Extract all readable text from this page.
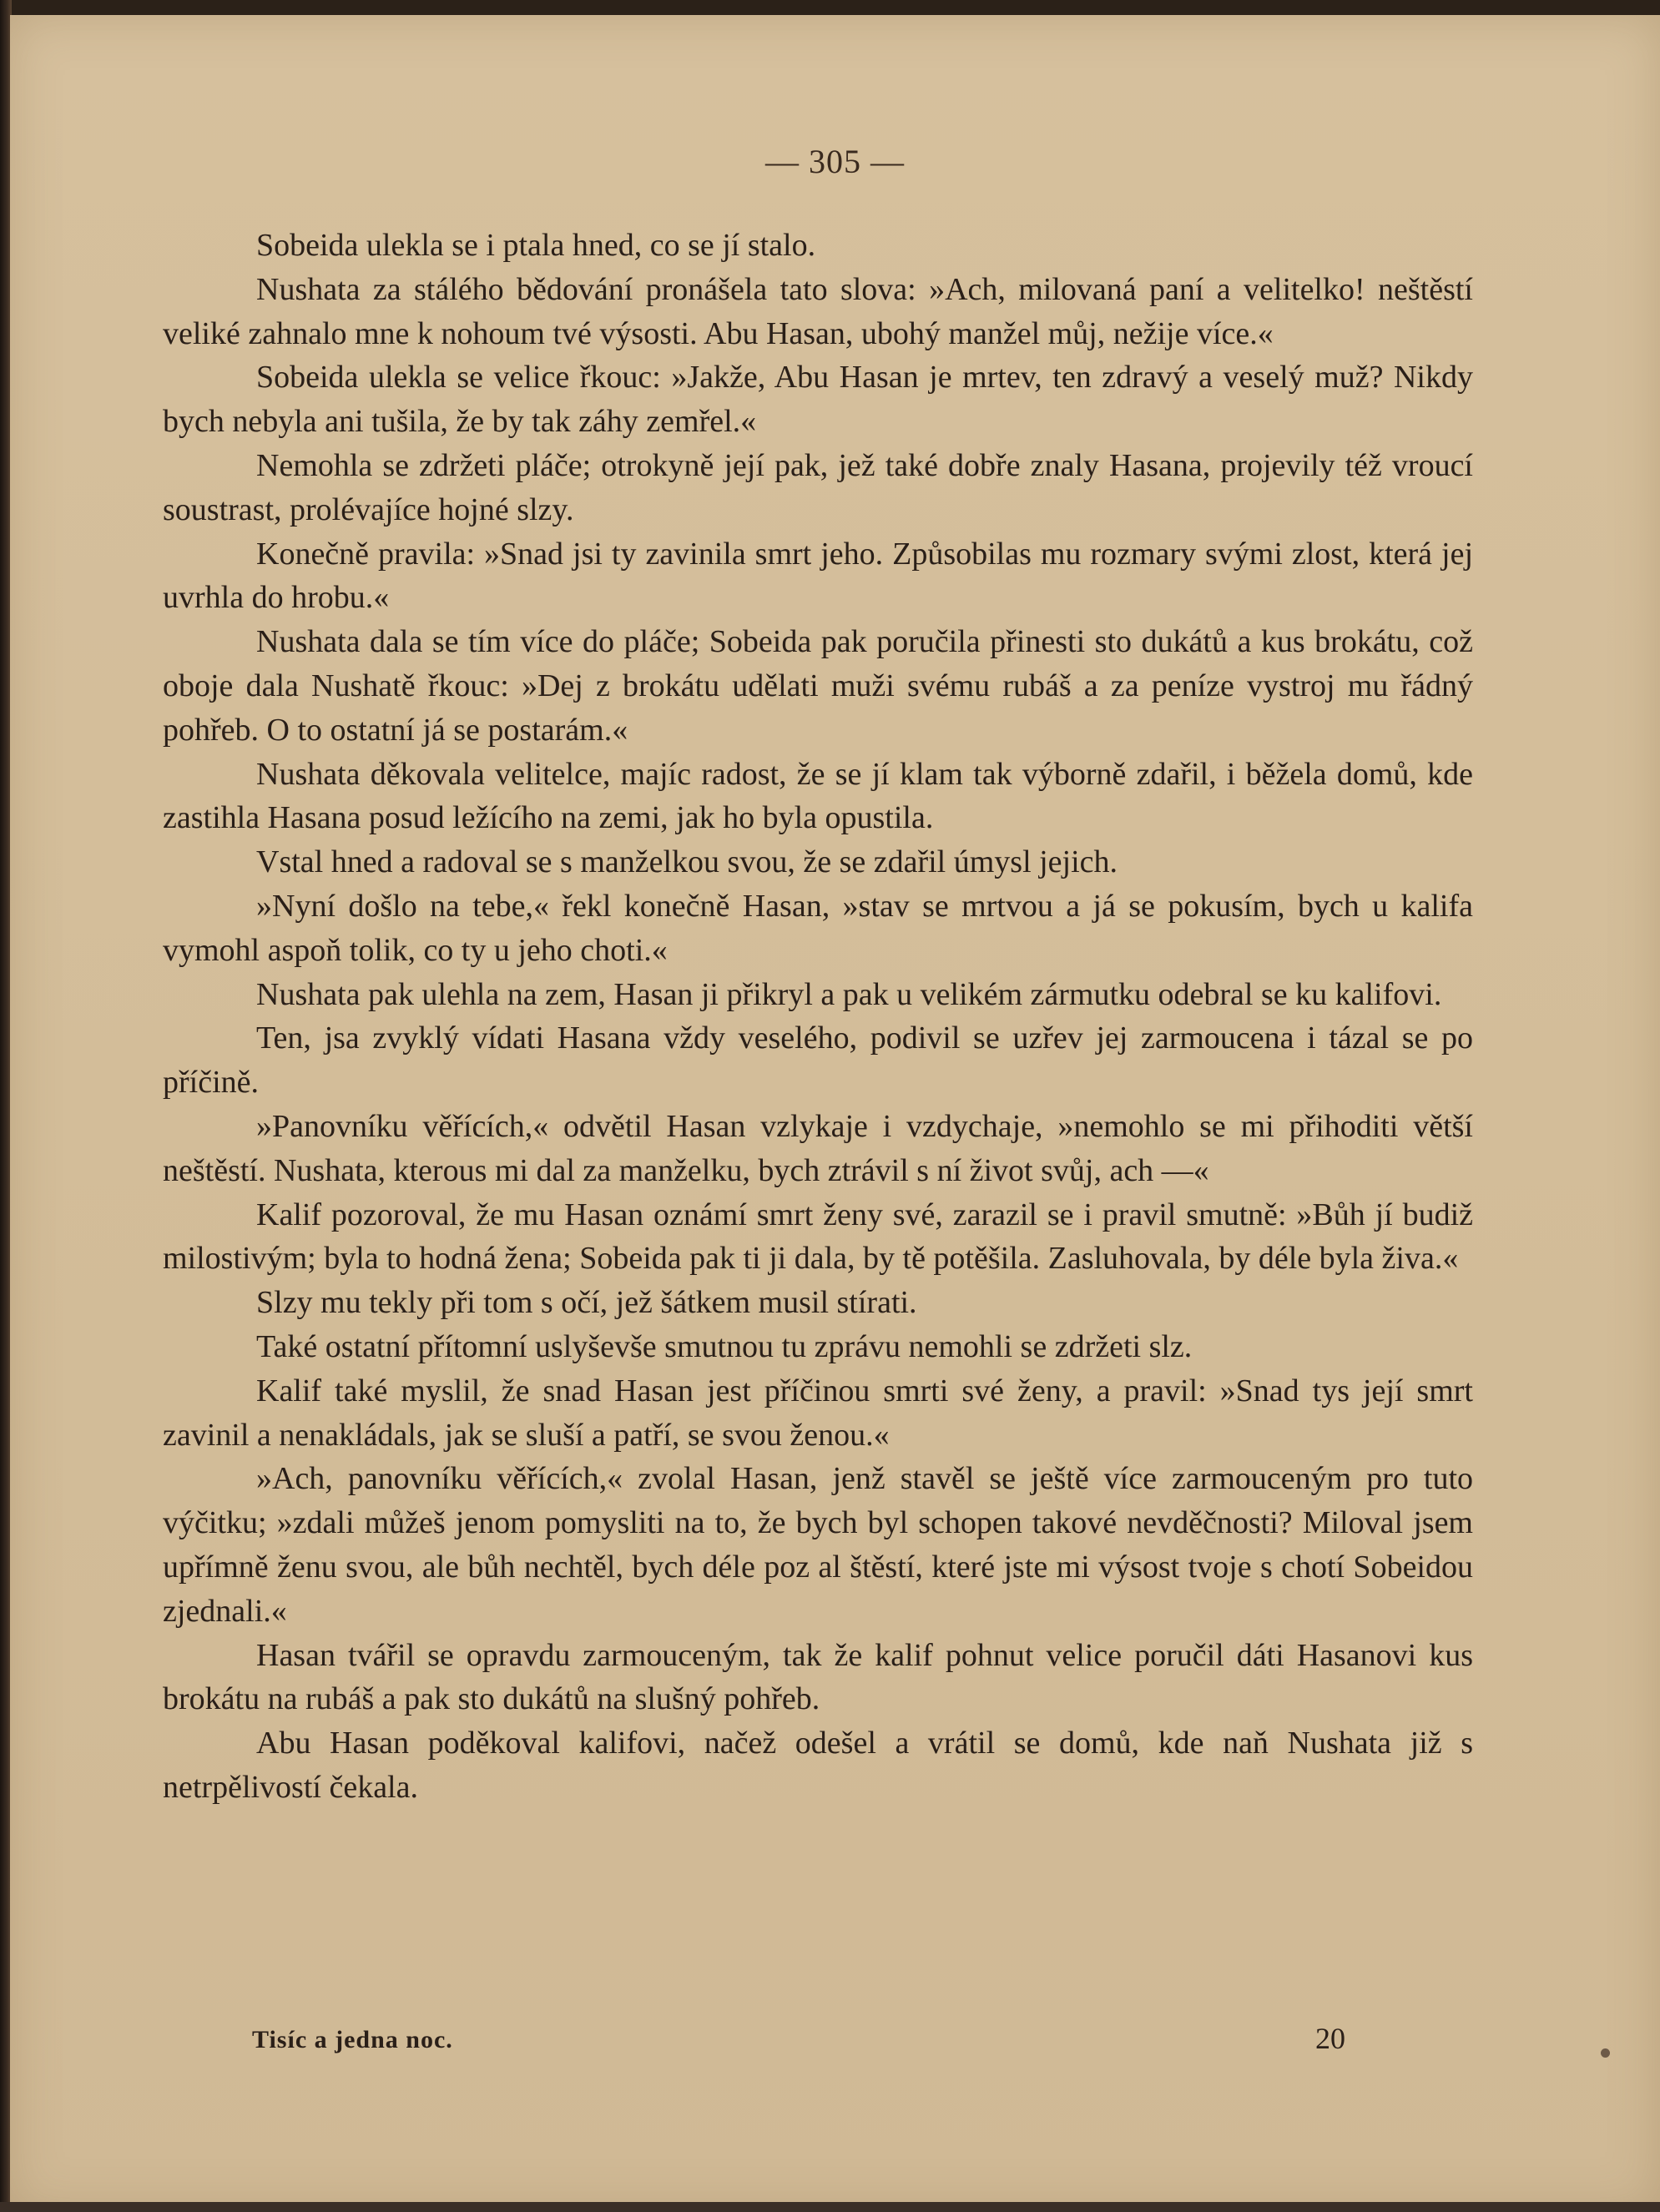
— 305 —

Sobeida ulekla se i ptala hned, co se jí stalo.

Nushata za stálého bědování pronášela tato slova: »Ach, milovaná paní a velitelko! neštěstí veliké zahnalo mne k nohoum tvé výsosti. Abu Hasan, ubohý manžel můj, nežije více.«

Sobeida ulekla se velice řkouc: »Jakže, Abu Hasan je mrtev, ten zdravý a veselý muž? Nikdy bych nebyla ani tušila, že by tak záhy zemřel.«

Nemohla se zdržeti pláče; otrokyně její pak, jež také dobře znaly Hasana, projevily též vroucí soustrast, prolévajíce hojné slzy.

Konečně pravila: »Snad jsi ty zavinila smrt jeho. Způsobilas mu rozmary svými zlost, která jej uvrhla do hrobu.«

Nushata dala se tím více do pláče; Sobeida pak poručila přinesti sto dukátů a kus brokátu, což oboje dala Nushatě řkouc: »Dej z brokátu udělati muži svému rubáš a za peníze vystroj mu řádný pohřeb. O to ostatní já se postarám.«

Nushata děkovala velitelce, majíc radost, že se jí klam tak výborně zdařil, i běžela domů, kde zastihla Hasana posud ležícího na zemi, jak ho byla opustila.

Vstal hned a radoval se s manželkou svou, že se zdařil úmysl jejich.

»Nyní došlo na tebe,« řekl konečně Hasan, »stav se mrtvou a já se pokusím, bych u kalifa vymohl aspoň tolik, co ty u jeho choti.«

Nushata pak ulehla na zem, Hasan ji přikryl a pak u velikém zármutku odebral se ku kalifovi.

Ten, jsa zvyklý vídati Hasana vždy veselého, podivil se uzřev jej zarmoucena i tázal se po příčině.

»Panovníku věřících,« odvětil Hasan vzlykaje i vzdychaje, »nemohlo se mi přihoditi větší neštěstí. Nushata, kterous mi dal za manželku, bych ztrávil s ní život svůj, ach —«

Kalif pozoroval, že mu Hasan oznámí smrt ženy své, zarazil se i pravil smutně: »Bůh jí budiž milostivým; byla to hodná žena; Sobeida pak ti ji dala, by tě potěšila. Zasluhovala, by déle byla živa.«

Slzy mu tekly při tom s očí, jež šátkem musil stírati.

Také ostatní přítomní uslyševše smutnou tu zprávu nemohli se zdržeti slz.

Kalif také myslil, že snad Hasan jest příčinou smrti své ženy, a pravil: »Snad tys její smrt zavinil a nenakládals, jak se sluší a patří, se svou ženou.«

»Ach, panovníku věřících,« zvolal Hasan, jenž stavěl se ještě více zarmouceným pro tuto výčitku; »zdali můžeš jenom pomysliti na to, že bych byl schopen takové nevděčnosti? Miloval jsem upřímně ženu svou, ale bůh nechtěl, bych déle poz al štěstí, které jste mi výsost tvoje s chotí Sobeidou zjednali.«

Hasan tvářil se opravdu zarmouceným, tak že kalif pohnut velice poručil dáti Hasanovi kus brokátu na rubáš a pak sto dukátů na slušný pohřeb.

Abu Hasan poděkoval kalifovi, načež odešel a vrátil se domů, kde naň Nushata již s netrpělivostí čekala.

Tisíc a jedna noc.	20
